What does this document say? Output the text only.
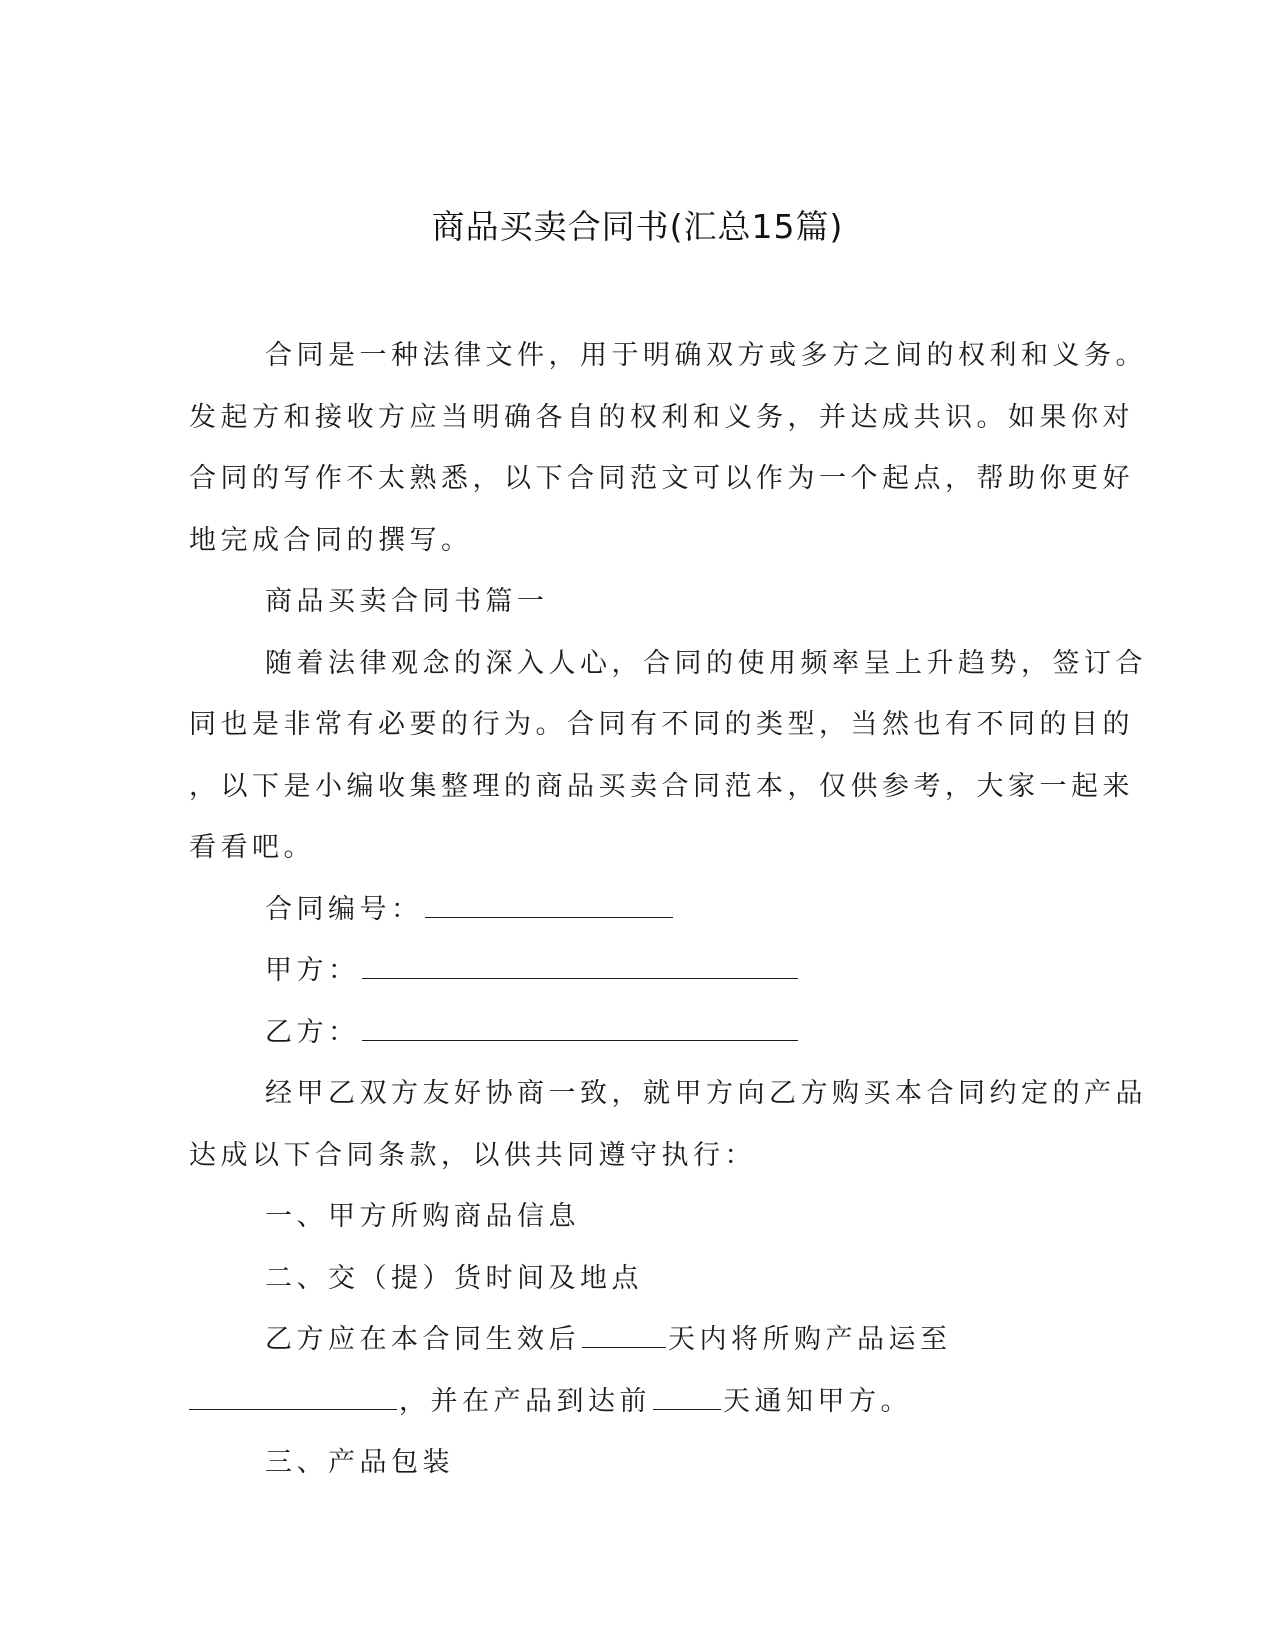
商品买卖合同书(汇总15篇)
合同是一种法律文件，用于明确双方或多方之间的权利和义务。
发起方和接收方应当明确各自的权利和义务，并达成共识。如果你对
合同的写作不太熟悉，以下合同范文可以作为一个起点，帮助你更好
地完成合同的撰写。
商品买卖合同书篇一
随着法律观念的深入人心，合同的使用频率呈上升趋势，签订合
同也是非常有必要的行为。合同有不同的类型，当然也有不同的目的
，以下是小编收集整理的商品买卖合同范本，仅供参考，大家一起来
看看吧。
合同编号：
甲方：
乙方：
经甲乙双方友好协商一致，就甲方向乙方购买本合同约定的产品
达成以下合同条款，以供共同遵守执行：
一、甲方所购商品信息
二、交（提）货时间及地点
乙方应在本合同生效后	天内将所购产品运至
，并在产品到达前	天通知甲方。
三、产品包装
